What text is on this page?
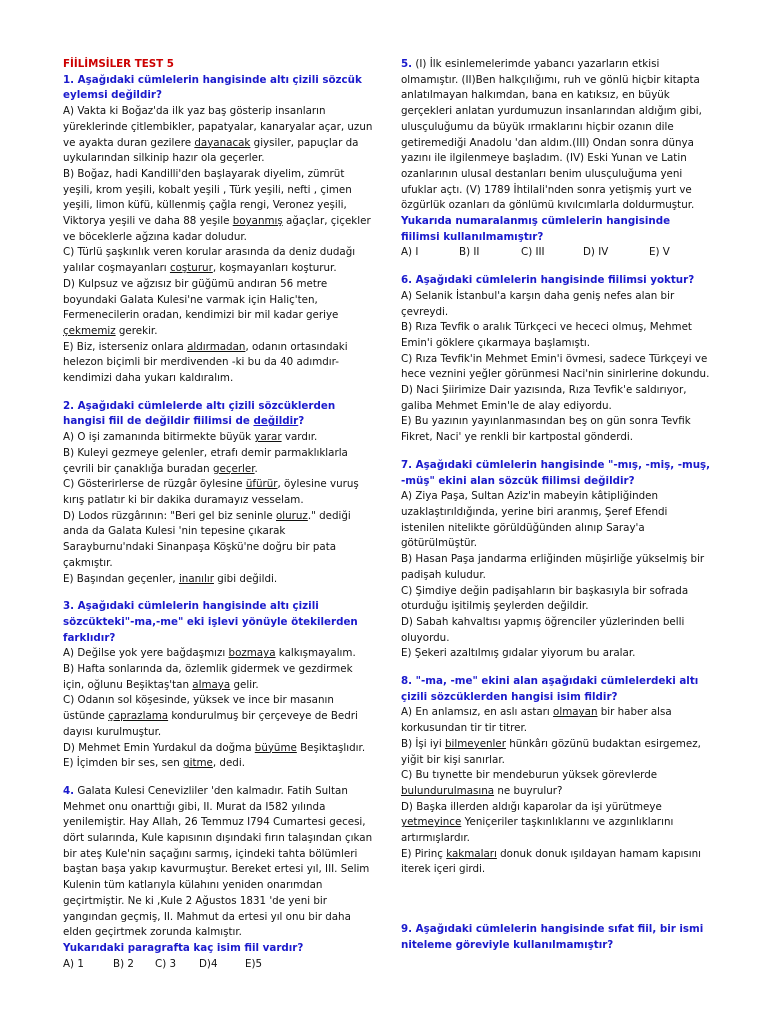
FİİLİMSİLER TEST 5

1. Aşağıdaki cümlelerin hangisinde altı çizili sözcük eylemsi değildir?

A) Vakta ki Boğaz'da ilk yaz baş gösterip insanların yüreklerinde çitlembikler, papatyalar, kanaryalar açar, uzun ve ayakta duran gezilere dayanacak giysiler, papuçlar da uykularından silkinip hazır ola geçerler.

B) Boğaz, hadi Kandilli'den başlayarak diyelim, zümrüt yeşili, krom yeşili, kobalt yeşili , Türk yeşili, nefti , çimen yeşili, limon küfü, küllenmiş çağla rengi, Veronez yeşili, Viktorya yeşili ve daha 88 yeşile boyanmış ağaçlar, çiçekler ve böceklerle ağzına kadar doludur.

C) Türlü şaşkınlık veren korular arasında da deniz dudağı yalılar coşmayanları coşturur, koşmayanları koşturur.

D) Kulpsuz ve ağzısız bir güğümü andıran 56 metre boyundaki Galata Kulesi'ne varmak için Haliç'ten, Fermenecilerin oradan, kendimizi bir mil kadar geriye çekmemiz gerekir.

E) Biz, isterseniz onlara aldırmadan, odanın ortasındaki helezon biçimli bir merdivenden -ki bu da 40 adımdır- kendimizi daha yukarı kaldıralım.

2. Aşağıdaki cümlelerde altı çizili sözcüklerden hangisi fiil de değildir fiilimsi de değildir?

A) O işi zamanında bitirmekte büyük yarar vardır.

B) Kuleyi gezmeye gelenler, etrafı demir parmaklıklarla çevrili bir çanaklığa buradan geçerler.

C) Gösterirlerse de rüzgâr öylesine üfürür, öylesine vuruş kırış patlatır ki bir dakika duramayız vesselam.

D) Lodos rüzgârının: "Beri gel biz seninle oluruz." dediği anda da Galata Kulesi 'nin tepesine çıkarak Sarayburnu'ndaki Sinanpaşa Köşkü'ne doğru bir pata çakmıştır.

E) Başından geçenler, inanılır gibi değildi.

3. Aşağıdaki cümlelerin hangisinde altı çizili sözcükteki"-ma,-me" eki işlevi yönüyle ötekilerden farklıdır?

A) Değilse yok yere bağdaşmızı bozmaya kalkışmayalım.

B) Hafta sonlarında da, özlemlik gidermek ve gezdirmek için, oğlunu Beşiktaş'tan almaya gelir.

C) Odanın sol köşesinde, yüksek ve ince bir masanın üstünde çaprazlama kondurulmuş bir çerçeveye de Bedri dayısı kurulmuştur.

D) Mehmet Emin Yurdakul da doğma büyüme Beşiktaşlıdır.

E) İçimden bir ses, sen gitme, dedi.

4. Galata Kulesi Cenevizliler 'den kalmadır. Fatih Sultan Mehmet onu onarttığı gibi, II. Murat da I582 yılında yenilemiştir. Hay Allah, 26 Temmuz I794 Cumartesi gecesi, dört sularında, Kule kapısının dışındaki fırın talaşından çıkan bir ateş Kule'nin saçağını sarmış, içindeki tahta bölümleri baştan başa yakıp kavurmuştur. Bereket ertesi yıl, III. Selim Kulenin tüm katlarıyla külahını yeniden onarımdan geçirtmiştir. Ne ki ,Kule 2 Ağustos 1831 'de yeni bir yangından geçmiş, II. Mahmut da ertesi yıl onu bir daha elden geçirtmek zorunda kalmıştır.

Yukarıdaki paragrafta kaç isim fiil vardır?

A) 1	B) 2	C) 3	D)4	E)5

5. (I) İlk esinlemelerimde yabancı yazarların etkisi olmamıştır. (II)Ben halkçılığımı, ruh ve gönlü hiçbir kitapta anlatılmayan halkımdan, bana en katıksız, en büyük gerçekleri anlatan yurdumuzun insanlarından aldığım gibi, ulusçuluğumu da büyük ırmaklarını hiçbir ozanın dile getiremediği Anadolu 'dan aldım.(III) Ondan sonra dünya yazını ile ilgilenmeye başladım. (IV) Eski Yunan ve Latin ozanlarının ulusal destanları benim ulusçuluğuma yeni ufuklar açtı. (V) 1789 İhtilali'nden sonra yetişmiş yurt ve özgürlük ozanları da gönlümü kıvılcımlarla doldurmuştur.

Yukarıda numaralanmış cümlelerin hangisinde fiilimsi kullanılmamıştır?

A) I	B) II	C) III	D) IV	E) V

6. Aşağıdaki cümlelerin hangisinde fiilimsi yoktur?

A) Selanik İstanbul'a karşın daha geniş nefes alan bir çevreydi.

B) Rıza Tevfik o aralık Türkçeci ve hececi olmuş, Mehmet Emin'i göklere çıkarmaya başlamıştı.

C) Rıza Tevfik'in Mehmet Emin'i övmesi, sadece Türkçeyi ve hece veznini yeğler görünmesi Naci'nin sinirlerine dokundu.

D) Naci Şiirimize Dair yazısında, Rıza Tevfik'e saldırıyor, galiba Mehmet Emin'le de alay ediyordu.

E) Bu yazının yayınlanmasından beş on gün sonra Tevfik Fikret, Naci' ye renkli bir kartpostal gönderdi.

7. Aşağıdaki cümlelerin hangisinde "-mış, -miş, -muş, -müş" ekini alan sözcük fiilimsi değildir?

A) Ziya Paşa, Sultan Aziz'in mabeyin kâtipliğinden uzaklaştırıldığında, yerine biri aranmış, Şeref Efendi istenilen nitelikte görüldüğünden alınıp Saray'a götürülmüştür.

B) Hasan Paşa jandarma erliğinden müşirliğe yükselmiş bir padişah kuludur.

C) Şimdiye değin padişahların bir başkasıyla bir sofrada oturduğu işitilmiş şeylerden değildir.

D) Sabah kahvaltısı yapmış öğrenciler yüzlerinden belli oluyordu.

E) Şekeri azaltılmış gıdalar yiyorum bu aralar.

8. "-ma, -me" ekini alan aşağıdaki cümlelerdeki altı çizili sözcüklerden hangisi isim fildir?

A) En anlamsız, en aslı astarı olmayan bir haber alsa korkusundan tir tir titrer.

B) İşi iyi bilmeyenler hünkârı gözünü budaktan esirgemez, yiğit bir kişi sanırlar.

C) Bu tıynette bir mendeburun yüksek görevlerde bulundurulmasına ne buyrulur?

D) Başka illerden aldığı kaparolar da işi yürütmeye yetmeyince Yeniçeriler taşkınlıklarını ve azgınlıklarını artırmışlardır.

E) Pirinç kakmaları donuk donuk ışıldayan hamam kapısını iterek içeri girdi.

9. Aşağıdaki cümlelerin hangisinde sıfat fiil, bir ismi niteleme göreviyle kullanılmamıştır?
